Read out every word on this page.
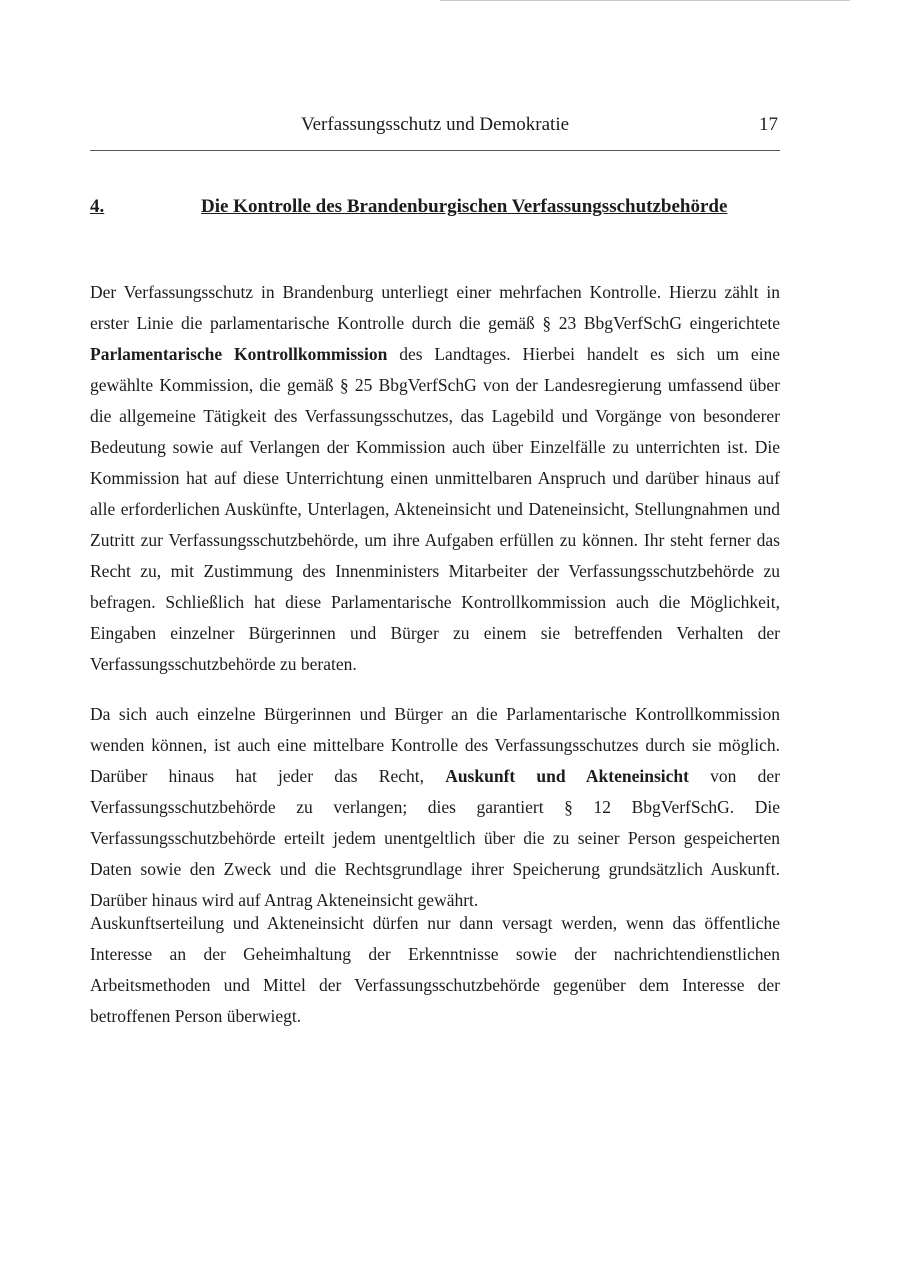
Verfassungsschutz und Demokratie	17
4.	Die Kontrolle des Brandenburgischen Verfassungsschutzbehörde

Der Verfassungsschutz in Brandenburg unterliegt einer mehrfachen Kontrolle. Hierzu zählt in erster Linie die parlamentarische Kontrolle durch die gemäß § 23 BbgVerfSchG eingerichtete Parlamentarische Kontrollkommission des Landtages. Hierbei handelt es sich um eine gewählte Kommission, die gemäß § 25 BbgVerfSchG von der Landesregierung umfassend über die allgemeine Tätigkeit des Verfassungsschutzes, das Lagebild und Vorgänge von besonderer Bedeutung sowie auf Verlangen der Kommission auch über Einzelfälle zu unterrichten ist. Die Kommission hat auf diese Unterrichtung einen unmittelbaren Anspruch und darüber hinaus auf alle erforderlichen Auskünfte, Unterlagen, Akteneinsicht und Dateneinsicht, Stellungnahmen und Zutritt zur Verfassungsschutzbehörde, um ihre Aufgaben erfüllen zu können. Ihr steht ferner das Recht zu, mit Zustimmung des Innenministers Mitarbeiter der Verfassungsschutzbehörde zu befragen. Schließlich hat diese Parlamentarische Kontrollkommission auch die Möglichkeit, Eingaben einzelner Bürgerinnen und Bürger zu einem sie betreffenden Verhalten der Verfassungsschutzbehörde zu beraten.

Da sich auch einzelne Bürgerinnen und Bürger an die Parlamentarische Kontrollkommission wenden können, ist auch eine mittelbare Kontrolle des Verfassungsschutzes durch sie möglich. Darüber hinaus hat jeder das Recht, Auskunft und Akteneinsicht von der Verfassungsschutzbehörde zu verlangen; dies garantiert § 12 BbgVerfSchG. Die Verfassungsschutzbehörde erteilt jedem unentgeltlich über die zu seiner Person gespeicherten Daten sowie den Zweck und die Rechtsgrundlage ihrer Speicherung grundsätzlich Auskunft. Darüber hinaus wird auf Antrag Akteneinsicht gewährt.

Auskunftserteilung und Akteneinsicht dürfen nur dann versagt werden, wenn das öffentliche Interesse an der Geheimhaltung der Erkenntnisse sowie der nachrichtendienstlichen Arbeitsmethoden und Mittel der Verfassungsschutzbehörde gegenüber dem Interesse der betroffenen Person überwiegt.
